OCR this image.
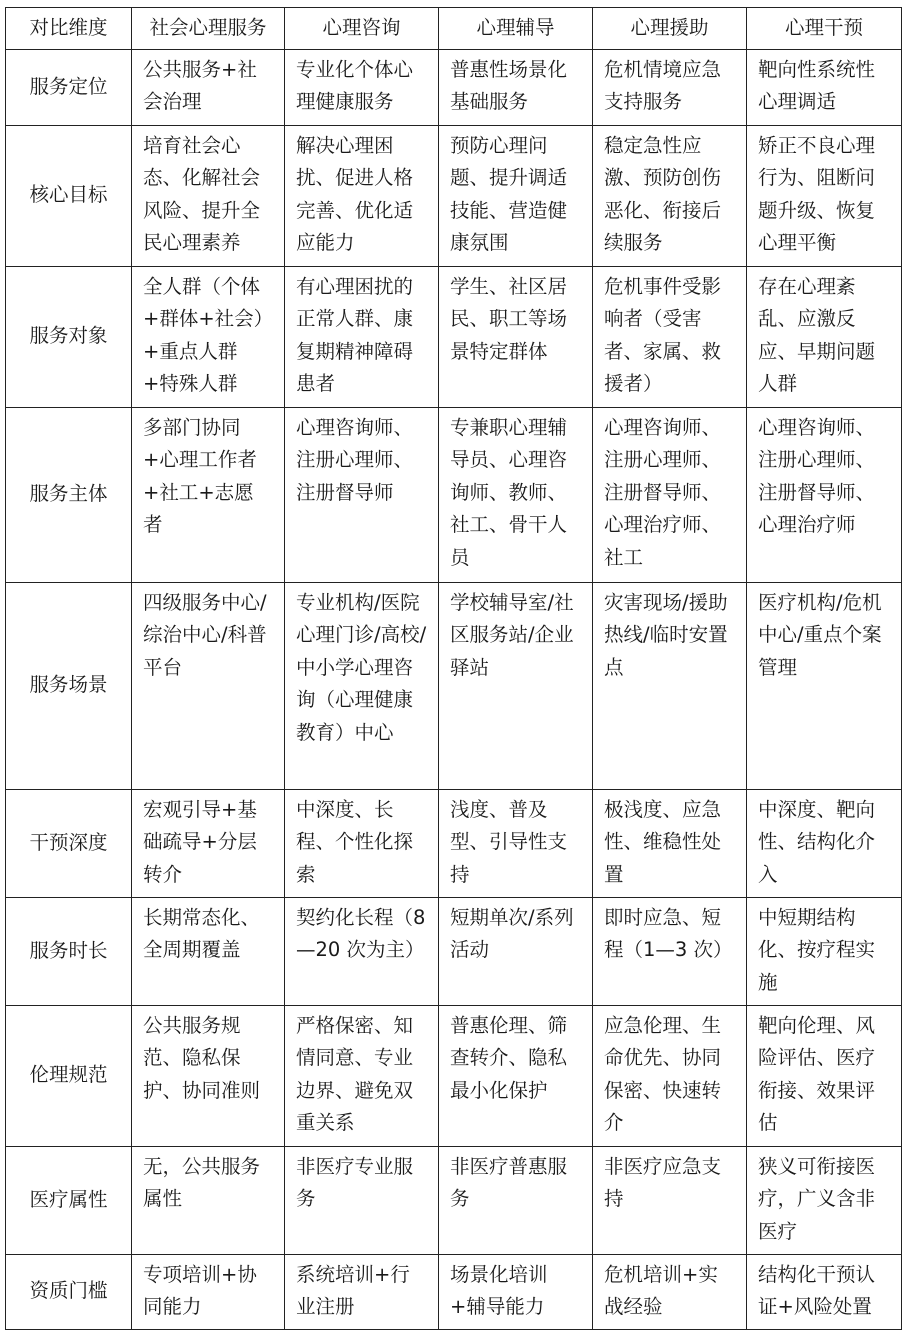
对比维度	社会心理服务	心理咨询	心理辅导	心理援助	心理干预
服务定位	公共服务+社会治理	专业化个体心理健康服务	普惠性场景化基础服务	危机情境应急支持服务	靶向性系统性心理调适
核心目标	培育社会心态、化解社会风险、提升全民心理素养	解决心理困扰、促进人格完善、优化适应能力	预防心理问题、提升调适技能、营造健康氛围	稳定急性应激、预防创伤恶化、衔接后续服务	矫正不良心理行为、阻断问题升级、恢复心理平衡
服务对象	全人群（个体+群体+社会）+重点人群+特殊人群	有心理困扰的正常人群、康复期精神障碍患者	学生、社区居民、职工等场景特定群体	危机事件受影响者（受害者、家属、救援者）	存在心理紊乱、应激反应、早期问题人群
服务主体	多部门协同+心理工作者+社工+志愿者	心理咨询师、注册心理师、注册督导师	专兼职心理辅导员、心理咨询师、教师、社工、骨干人员	心理咨询师、注册心理师、注册督导师、心理治疗师、社工	心理咨询师、注册心理师、注册督导师、心理治疗师
服务场景	四级服务中心/综治中心/科普平台	专业机构/医院心理门诊/高校/中小学心理咨询（心理健康教育）中心	学校辅导室/社区服务站/企业驿站	灾害现场/援助热线/临时安置点	医疗机构/危机中心/重点个案管理
干预深度	宏观引导+基础疏导+分层转介	中深度、长程、个性化探索	浅度、普及型、引导性支持	极浅度、应急性、维稳性处置	中深度、靶向性、结构化介入
服务时长	长期常态化、全周期覆盖	契约化长程（8—20 次为主）	短期单次/系列活动	即时应急、短程（1—3 次）	中短期结构化、按疗程实施
伦理规范	公共服务规范、隐私保护、协同准则	严格保密、知情同意、专业边界、避免双重关系	普惠伦理、筛查转介、隐私最小化保护	应急伦理、生命优先、协同保密、快速转介	靶向伦理、风险评估、医疗衔接、效果评估
医疗属性	无，公共服务属性	非医疗专业服务	非医疗普惠服务	非医疗应急支持	狭义可衔接医疗，广义含非医疗
资质门槛	专项培训+协同能力	系统培训+行业注册	场景化培训+辅导能力	危机培训+实战经验	结构化干预认证+风险处置
